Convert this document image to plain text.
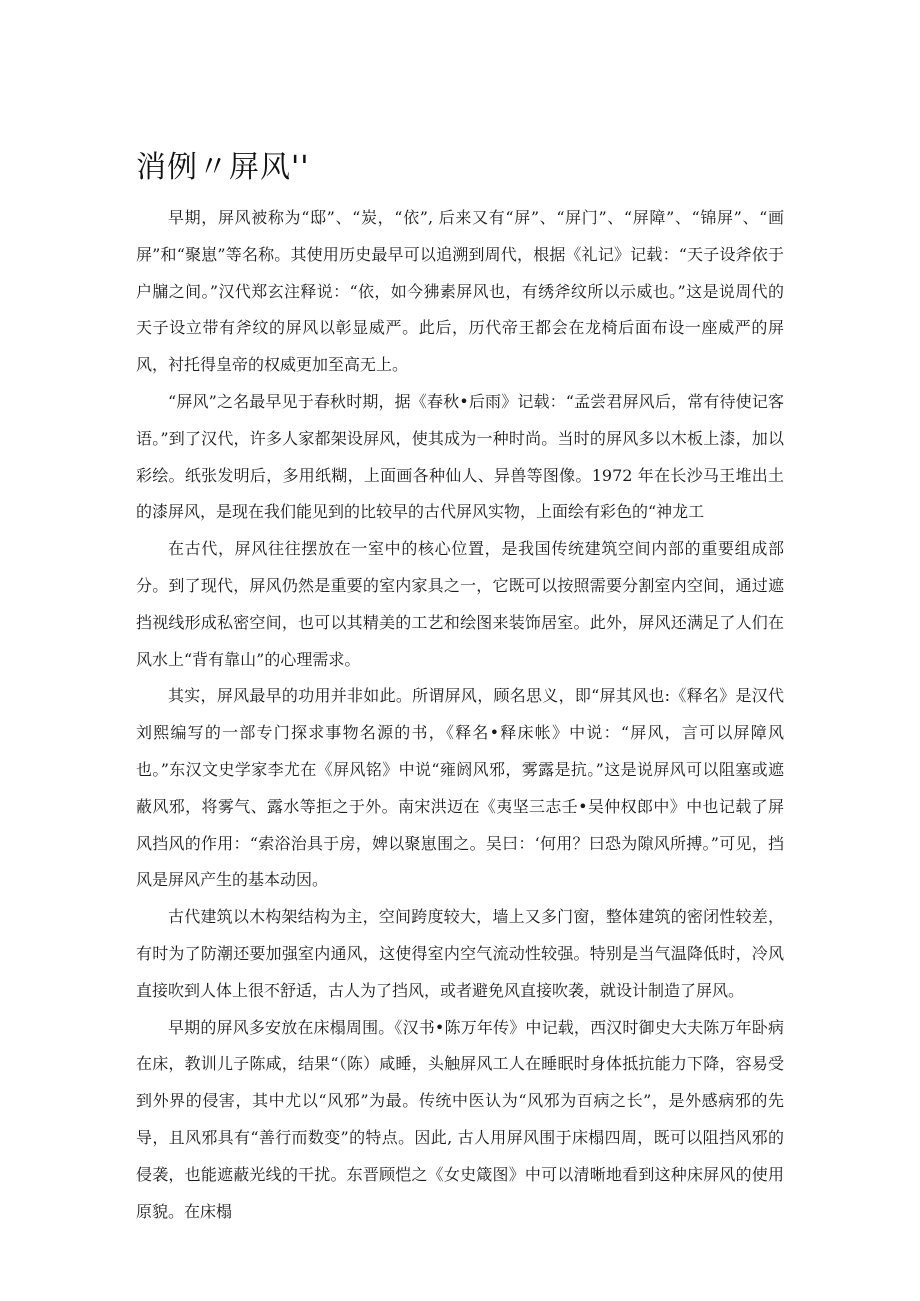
消例〃屏风''

早期，屏风被称为“邸”、“炭，“依”, 后来又有“屏”、“屏门”、“屏障”、“锦屏”、“画屏”和“聚崽”等名称。其使用历史最早可以追溯到周代，根据《礼记》记载：“天子设斧依于户牖之间。”汉代郑玄注释说：“依，如今狒素屏风也，有绣斧纹所以示威也。”这是说周代的天子设立带有斧纹的屏风以彰显威严。此后，历代帝王都会在龙椅后面布设一座威严的屏风，衬托得皇帝的权威更加至高无上。

“屏风”之名最早见于春秋时期，据《春秋•后雨》记载：“孟尝君屏风后，常有待使记客语。”到了汉代，许多人家都架设屏风，使其成为一种时尚。当时的屏风多以木板上漆，加以彩绘。纸张发明后，多用纸糊，上面画各种仙人、异兽等图像。1972 年在长沙马王堆出土的漆屏风，是现在我们能见到的比较早的古代屏风实物，上面绘有彩色的“神龙工

在古代，屏风往往摆放在一室中的核心位置，是我国传统建筑空间内部的重要组成部分。到了现代，屏风仍然是重要的室内家具之一，它既可以按照需要分割室内空间，通过遮挡视线形成私密空间，也可以其精美的工艺和绘图来装饰居室。此外，屏风还满足了人们在风水上“背有靠山”的心理需求。

其实，屏风最早的功用并非如此。所谓屏风，顾名思义，即“屏其风也:《释名》是汉代刘熙编写的一部专门探求事物名源的书，《释名•释床帐》中说：“屏风，言可以屏障风也。”东汉文史学家李尤在《屏风铭》中说“雍阏风邪，雾露是抗。”这是说屏风可以阻塞或遮蔽风邪，将雾气、露水等拒之于外。南宋洪迈在《夷坚三志壬•吴仲权郎中》中也记载了屏风挡风的作用：“索浴治具于房，婢以聚崽围之。吴曰：‘何用？曰恐为隙风所搏。”可见，挡风是屏风产生的基本动因。

古代建筑以木构架结构为主，空间跨度较大，墙上又多门窗，整体建筑的密闭性较差，有时为了防潮还要加强室内通风，这使得室内空气流动性较强。特别是当气温降低时，冷风直接吹到人体上很不舒适，古人为了挡风，或者避免风直接吹袭，就设计制造了屏风。

早期的屏风多安放在床榻周围。《汉书•陈万年传》中记载，西汉时御史大夫陈万年卧病在床，教训儿子陈咸，结果“（陈）咸睡，头触屏风工人在睡眠时身体抵抗能力下降，容易受到外界的侵害，其中尤以“风邪”为最。传统中医认为“风邪为百病之长”，是外感病邪的先导，且风邪具有“善行而数变”的特点。因此, 古人用屏风围于床榻四周，既可以阻挡风邪的侵袭，也能遮蔽光线的干扰。东晋顾恺之《女史箴图》中可以清晰地看到这种床屏风的使用原貌。在床榻
